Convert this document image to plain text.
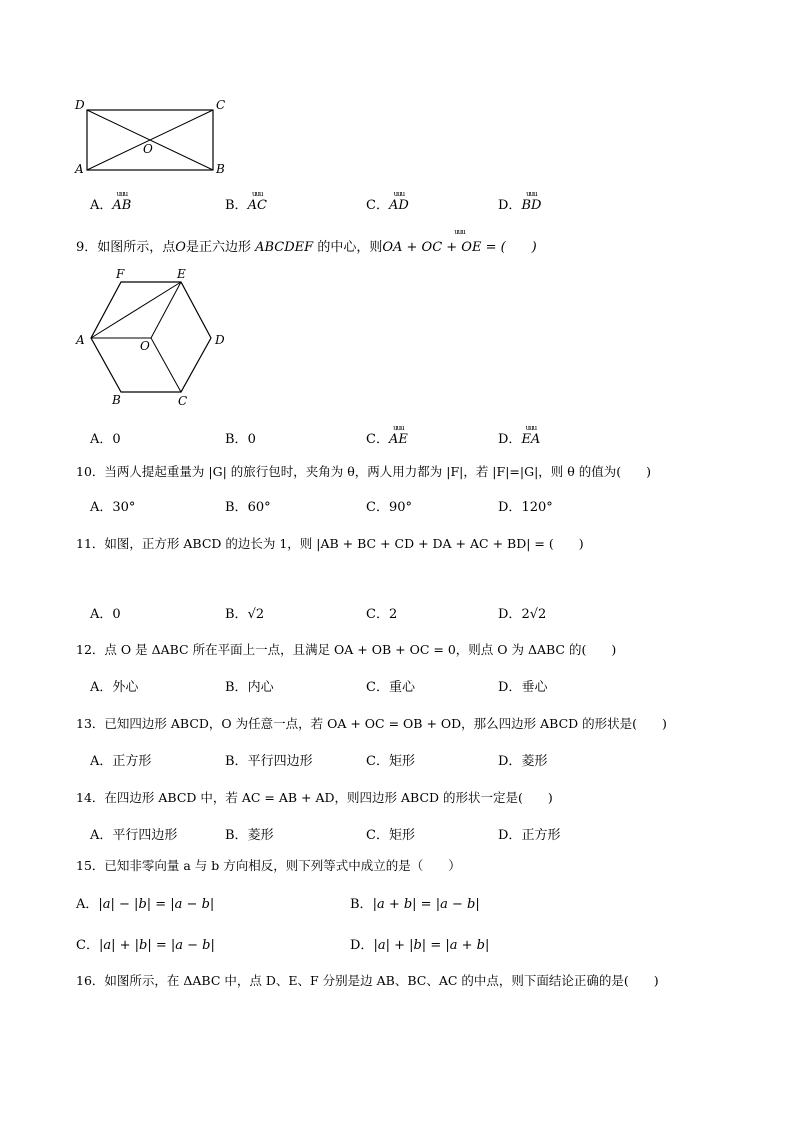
D	C
A	B
O
A．uuu AB	B．uuu AC	C．uuu AD	D．uuu BD
9．如图所示，点O是正六边形 ABCDEF 的中心，则uuu OA + OC + OE = (　　)
F	E
A	O	D
B	C
A．0	B．0	C．uuu AE	D．uuu EA
10．当两人提起重量为 |G| 的旅行包时，夹角为 θ，两人用力都为 |F|，若 |F|=|G|，则 θ 的值为(　　)
A．30°	B．60°	C．90°	D．120°
11．如图，正方形 ABCD 的边长为 1，则 |AB + BC + CD + DA + AC + BD| = (　　)
A．0	B．√2	C．2	D．2√2
12．点 O 是 ΔABC 所在平面上一点，且满足 OA + OB + OC = 0，则点 O 为 ΔABC 的(　　)
A．外心	B．内心	C．重心	D．垂心
13．已知四边形 ABCD，O 为任意一点，若 OA + OC = OB + OD，那么四边形 ABCD 的形状是(　　)
A．正方形	B．平行四边形	C．矩形	D．菱形
14．在四边形 ABCD 中，若 AC = AB + AD，则四边形 ABCD 的形状一定是(　　)
A．平行四边形	B．菱形	C．矩形	D．正方形
15．已知非零向量 a 与 b 方向相反，则下列等式中成立的是（　　）
A．|a| − |b| = |a − b|	B．|a + b| = |a − b|
C．|a| + |b| = |a − b|	D．|a| + |b| = |a + b|
16．如图所示，在 ΔABC 中，点 D、E、F 分别是边 AB、BC、AC 的中点，则下面结论正确的是(　　)
